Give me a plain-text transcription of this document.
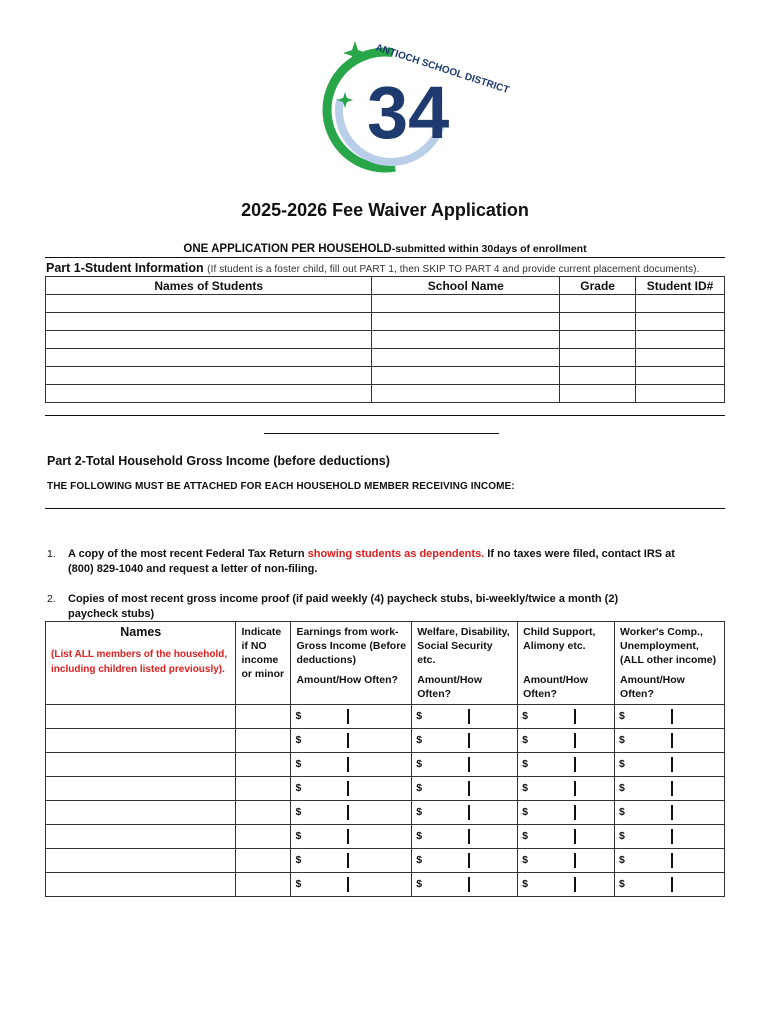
34
ANTIOCH SCHOOL DISTRICT
2025-2026 Fee Waiver Application
ONE APPLICATION PER HOUSEHOLD-submitted within 30days of enrollment
Part 1-Student Information (If student is a foster child, fill out PART 1, then SKIP TO PART 4 and provide current placement documents).
Names of Students	School Name	Grade	Student ID#

Part 2-Total Household Gross Income (before deductions)
THE FOLLOWING MUST BE ATTACHED FOR EACH HOUSEHOLD MEMBER RECEIVING INCOME:
1. A copy of the most recent Federal Tax Return showing students as dependents. If no taxes were filed, contact IRS at
(800) 829-1040 and request a letter of non-filing.
2. Copies of most recent gross income proof (if paid weekly (4) paycheck stubs, bi-weekly/twice a month (2)
paycheck stubs)
Names
(List ALL members of the household, including children listed previously).	Indicate if NO income or minor	Earnings from work-Gross Income (Before deductions)	Welfare, Disability, Social Security etc.	Child Support, Alimony etc.	Worker's Comp., Unemployment, (ALL other income)
		Amount/How Often?	Amount/How Often?	Amount/How Often?	Amount/How Often?
		$	$	$	$
		$	$	$	$
		$	$	$	$
		$	$	$	$
		$	$	$	$
		$	$	$	$
		$	$	$	$
		$	$	$	$
